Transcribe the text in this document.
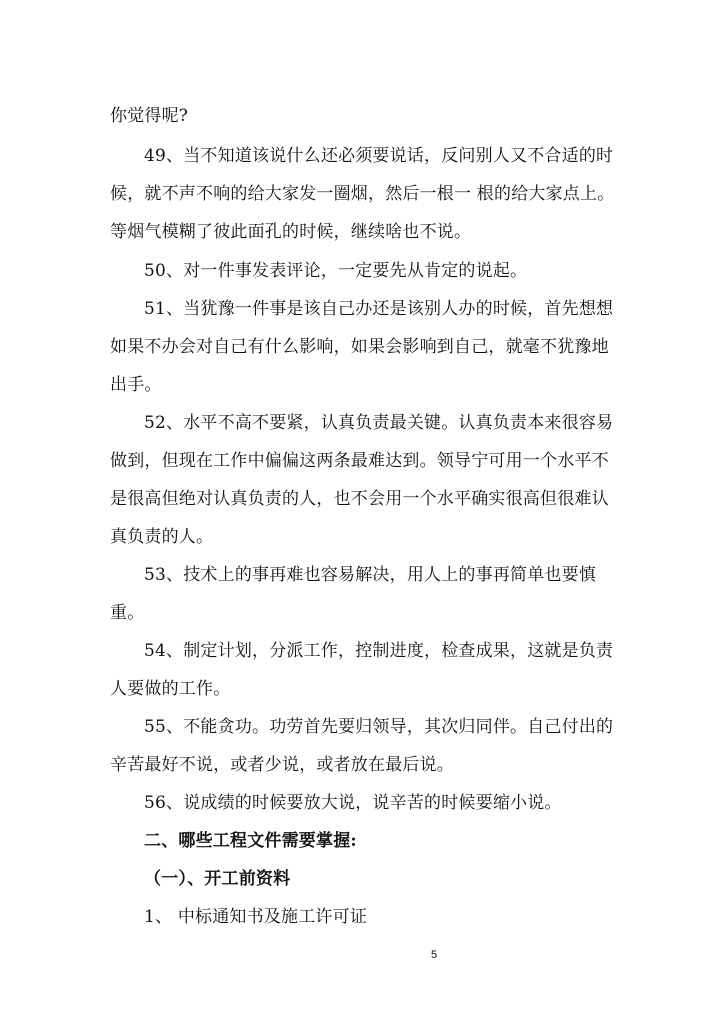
你觉得呢?
49、当不知道该说什么还必须要说话，反问别人又不合适的时
候，就不声不响的给大家发一圈烟，然后一根一 根的给大家点上。
等烟气模糊了彼此面孔的时候，继续啥也不说。
50、对一件事发表评论，一定要先从肯定的说起。
51、当犹豫一件事是该自己办还是该别人办的时候，首先想想
如果不办会对自己有什么影响，如果会影响到自己，就毫不犹豫地
出手。
52、水平不高不要紧，认真负责最关键。认真负责本来很容易
做到，但现在工作中偏偏这两条最难达到。领导宁可用一个水平不
是很高但绝对认真负责的人，也不会用一个水平确实很高但很难认
真负责的人。
53、技术上的事再难也容易解决，用人上的事再简单也要慎
重。
54、制定计划，分派工作，控制进度，检查成果，这就是负责
人要做的工作。
55、不能贪功。功劳首先要归领导，其次归同伴。自己付出的
辛苦最好不说，或者少说，或者放在最后说。
56、说成绩的时候要放大说，说辛苦的时候要缩小说。
二、哪些工程文件需要掌握:
（一）、开工前资料
1、 中标通知书及施工许可证
5
